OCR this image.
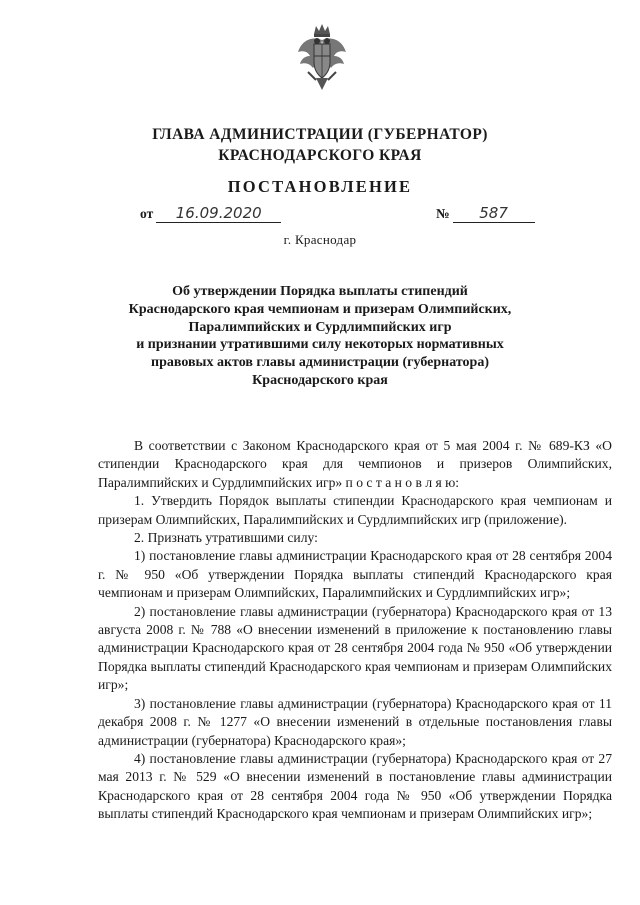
ГЛАВА АДМИНИСТРАЦИИ (ГУБЕРНАТОР)
КРАСНОДАРСКОГО КРАЯ
ПОСТАНОВЛЕНИЕ
от 16.09.2020	№ 587
г. Краснодар
Об утверждении Порядка выплаты стипендий
Краснодарского края чемпионам и призерам Олимпийских,
Паралимпийских и Сурдлимпийских игр
и признании утратившими силу некоторых нормативных
правовых актов главы администрации (губернатора)
Краснодарского края

В соответствии с Законом Краснодарского края от 5 мая 2004 г. № 689-КЗ «О стипендии Краснодарского края для чемпионов и призеров Олимпийских, Паралимпийских и Сурдлимпийских игр» п о с т а н о в л я ю:

1. Утвердить Порядок выплаты стипендии Краснодарского края чемпионам и призерам Олимпийских, Паралимпийских и Сурдлимпийских игр (приложение).

2. Признать утратившими силу:

1) постановление главы администрации Краснодарского края от 28 сентября 2004 г. № 950 «Об утверждении Порядка выплаты стипендий Краснодарского края чемпионам и призерам Олимпийских, Паралимпийских и Сурдлимпийских игр»;

2) постановление главы администрации (губернатора) Краснодарского края от 13 августа 2008 г. № 788 «О внесении изменений в приложение к постановлению главы администрации Краснодарского края от 28 сентября 2004 года № 950 «Об утверждении Порядка выплаты стипендий Краснодарского края чемпионам и призерам Олимпийских игр»;

3) постановление главы администрации (губернатора) Краснодарского края от 11 декабря 2008 г. № 1277 «О внесении изменений в отдельные постановления главы администрации (губернатора) Краснодарского края»;

4) постановление главы администрации (губернатора) Краснодарского края от 27 мая 2013 г. № 529 «О внесении изменений в постановление главы администрации Краснодарского края от 28 сентября 2004 года № 950 «Об утверждении Порядка выплаты стипендий Краснодарского края чемпионам и призерам Олимпийских игр»;
